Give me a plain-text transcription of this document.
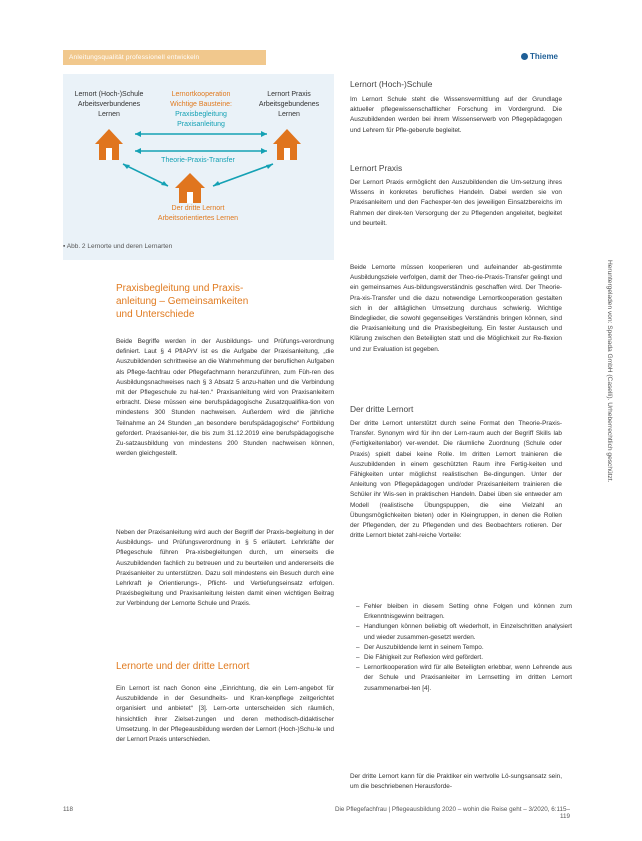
Anleitungsqualität professionell entwickeln	Thieme
Lernort (Hoch-)Schule
Arbeitsverbundenes
Lernen
Lernortkooperation
Wichtige Bausteine:
Praxisbegleitung
Praxisanleitung
Lernort Praxis
Arbeitsgebundenes
Lernen
Theorie-Praxis-Transfer
Der dritte Lernort
Arbeitsorientiertes Lernen
▪ Abb. 2 Lernorte und deren Lernarten
Praxisbegleitung und Praxis-
anleitung – Gemeinsamkeiten
und Unterschiede
Beide Begriffe werden in der Ausbildungs- und Prüfungs-verordnung definiert. Laut § 4 PflAPrV ist es die Aufgabe der Praxisanleitung, „die Auszubildenden schrittweise an die Wahrnehmung der beruflichen Aufgaben als Pflege-fachfrau oder Pflegefachmann heranzuführen, zum Füh-ren des Ausbildungsnachweises nach § 3 Absatz 5 anzu-halten und die Verbindung mit der Pflegeschule zu hal-ten.“ Praxisanleitung wird von Praxisanleitern erbracht. Diese müssen eine berufspädagogische Zusatzqualifika-tion von mindestens 300 Stunden nachweisen. Außerdem wird die jährliche Teilnahme an 24 Stunden „an besondere berufspädagogische“ Fortbildung gefordert. Praxisanlei-ter, die bis zum 31.12.2019 eine berufspädagogische Zu-satzausbildung von mindestens 200 Stunden nachweisen können, werden gleichgestellt.
Neben der Praxisanleitung wird auch der Begriff der Praxis-begleitung in der Ausbildungs- und Prüfungsverordnung in § 5 erläutert. Lehrkräfte der Pflegeschule führen Pra-xisbegleitungen durch, um einerseits die Auszubildenden fachlich zu betreuen und zu beurteilen und andererseits die Praxisanleiter zu unterstützen. Dazu soll mindestens ein Besuch durch eine Lehrkraft je Orientierungs-, Pflicht- und Vertiefungseinsatz erfolgen. Praxisbegleitung und Praxisanleitung leisten damit einen wichtigen Beitrag zur Verbindung der Lernorte Schule und Praxis.
Lernorte und der dritte Lernort
Ein Lernort ist nach Gonon eine „Einrichtung, die ein Lern-angebot für Auszubildende in der Gesundheits- und Kran-kenpflege zeitgerichtet organisiert und anbietet“ [3]. Lern-orte unterscheiden sich räumlich, hinsichtlich ihrer Zielset-zungen und deren methodisch-didaktischer Umsetzung. In der Pflegeausbildung werden der Lernort (Hoch-)Schu-le und der Lernort Praxis unterschieden.
Lernort (Hoch-)Schule
Im Lernort Schule steht die Wissensvermittlung auf der Grundlage aktueller pflegewissenschaftlicher Forschung im Vordergrund. Die Auszubildenden werden bei ihrem Wissenserwerb von Pflegepädagogen und Lehrern für Pfle-geberufe begleitet.
Lernort Praxis
Der Lernort Praxis ermöglicht den Auszubildenden die Um-setzung ihres Wissens in konkretes berufliches Handeln. Dabei werden sie von Praxisanleitern und den Fachexper-ten des jeweiligen Einsatzbereichs im Rahmen der direk-ten Versorgung der zu Pflegenden angeleitet, begleitet und beurteilt.
Beide Lernorte müssen kooperieren und aufeinander ab-gestimmte Ausbildungsziele verfolgen, damit der Theo-rie-Praxis-Transfer gelingt und ein gemeinsames Aus-bildungsverständnis geschaffen wird. Der Theorie-Pra-xis-Transfer und die dazu notwendige Lernortkooperation gestalten sich in der alltäglichen Umsetzung durchaus schwierig. Wichtige Bindeglieder, die sowohl gegenseitiges Verständnis bringen können, sind die Praxisanleitung und die Praxisbegleitung. Ein fester Austausch und Klärung zwischen den Beteiligten statt und die Möglichkeit zur Re-flexion und zur Evaluation ist gegeben.
Der dritte Lernort
Der dritte Lernort unterstützt durch seine Format den Theorie-Praxis-Transfer. Synonym wird für ihn der Lern-raum auch der Begriff Skills lab (Fertigkeitenlabor) ver-wendet. Die räumliche Zuordnung (Schule oder Praxis) spielt dabei keine Rolle. Im dritten Lernort trainieren die Auszubildenden in einem geschützten Raum ihre Fertig-keiten und Fähigkeiten unter möglichst realistischen Be-dingungen. Unter der Anleitung von Pflegepädagogen und/oder Praxisanleitern trainieren die Schüler ihr Wis-sen in praktischen Handeln. Dabei üben sie entweder am Modell (realistische Übungspuppen, die eine Vielzahl an Übungsmöglichkeiten bieten) oder in Kleingruppen, in denen die Rollen der Pflegenden, der zu Pflegenden und des Beobachters rotieren. Der dritte Lernort bietet zahl-reiche Vorteile:
– Fehler bleiben in diesem Setting ohne Folgen und können zum Erkenntnisgewinn beitragen.
– Handlungen können beliebig oft wiederholt, in Einzelschritten analysiert und wieder zusammen-gesetzt werden.
– Der Auszubildende lernt in seinem Tempo.
– Die Fähigkeit zur Reflexion wird gefördert.
– Lernortkooperation wird für alle Beteiligten erlebbar, wenn Lehrende aus der Schule und Praxisanleiter im Lernsetting im dritten Lernort zusammenarbei-ten [4].
Der dritte Lernort kann für die Praktiker ein wertvolle Lö-sungsansatz sein, um die beschriebenen Herausforde-
118	Die Pflegefachfrau | Pflegeausbildung 2020 – wohin die Reise geht – 3/2020, 6:115–119
Heruntergeladen von: Spenada GmbH (Caselli). Urheberrechtlich geschützt.
